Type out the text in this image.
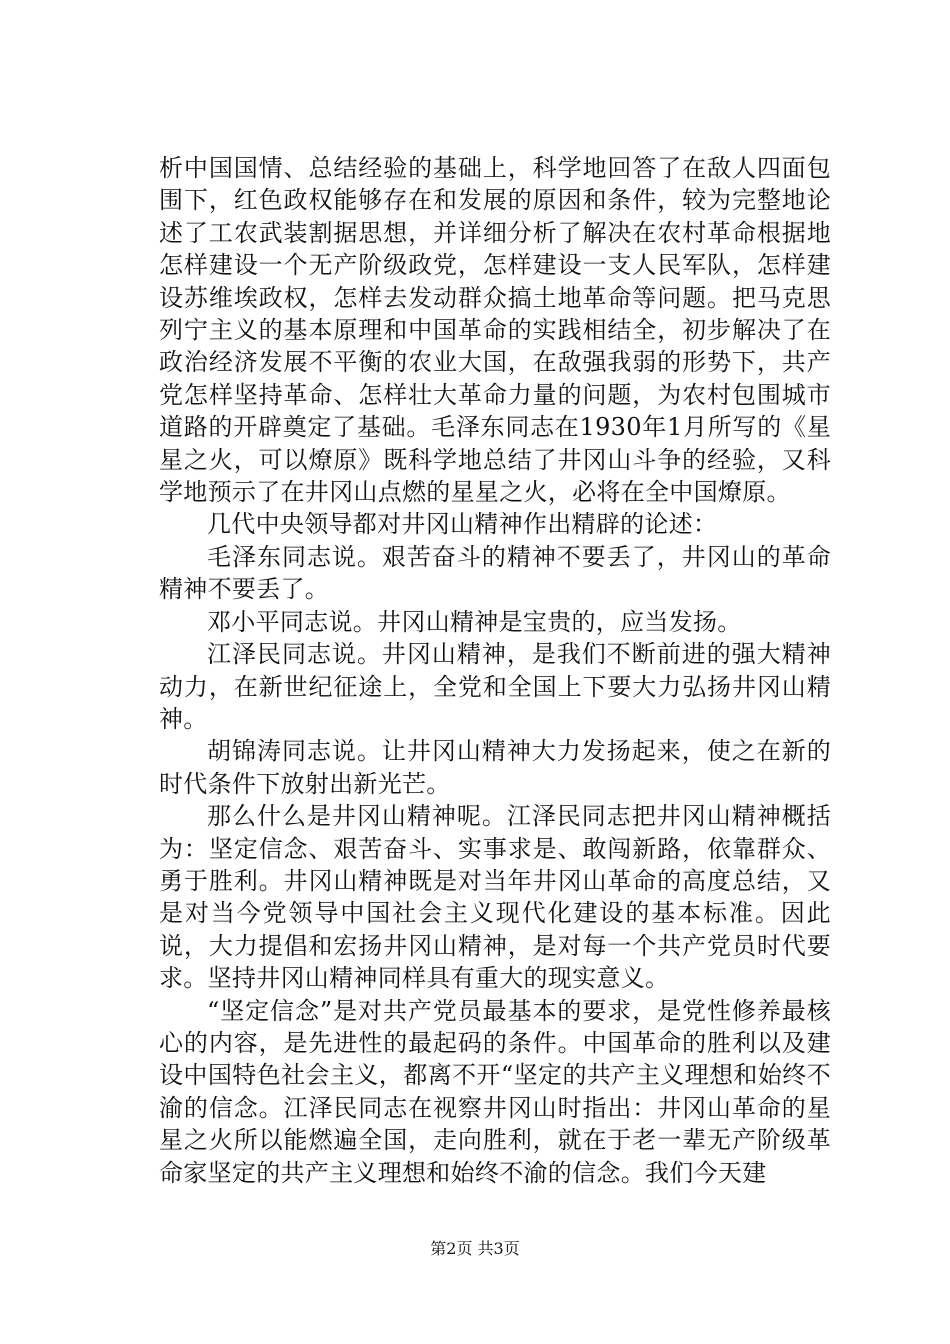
析中国国情、总结经验的基础上，科学地回答了在敌人四面包围下，红色政权能够存在和发展的原因和条件，较为完整地论述了工农武装割据思想，并详细分析了解决在农村革命根据地怎样建设一个无产阶级政党，怎样建设一支人民军队，怎样建设苏维埃政权，怎样去发动群众搞土地革命等问题。把马克思列宁主义的基本原理和中国革命的实践相结全，初步解决了在政治经济发展不平衡的农业大国，在敌强我弱的形势下，共产党怎样坚持革命、怎样壮大革命力量的问题，为农村包围城市道路的开辟奠定了基础。毛泽东同志在1930年1月所写的《星星之火，可以燎原》既科学地总结了井冈山斗争的经验，又科学地预示了在井冈山点燃的星星之火，必将在全中国燎原。

几代中央领导都对井冈山精神作出精辟的论述：

毛泽东同志说。艰苦奋斗的精神不要丢了，井冈山的革命精神不要丢了。

邓小平同志说。井冈山精神是宝贵的，应当发扬。

江泽民同志说。井冈山精神，是我们不断前进的强大精神动力，在新世纪征途上，全党和全国上下要大力弘扬井冈山精神。

胡锦涛同志说。让井冈山精神大力发扬起来，使之在新的时代条件下放射出新光芒。

那么什么是井冈山精神呢。江泽民同志把井冈山精神概括为：坚定信念、艰苦奋斗、实事求是、敢闯新路，依靠群众、勇于胜利。井冈山精神既是对当年井冈山革命的高度总结，又是对当今党领导中国社会主义现代化建设的基本标准。因此说，大力提倡和宏扬井冈山精神，是对每一个共产党员时代要求。坚持井冈山精神同样具有重大的现实意义。

“坚定信念”是对共产党员最基本的要求，是党性修养最核心的内容，是先进性的最起码的条件。中国革命的胜利以及建设中国特色社会主义，都离不开“坚定的共产主义理想和始终不渝的信念。江泽民同志在视察井冈山时指出：井冈山革命的星星之火所以能燃遍全国，走向胜利，就在于老一辈无产阶级革命家坚定的共产主义理想和始终不渝的信念。我们今天建

第2页 共3页
